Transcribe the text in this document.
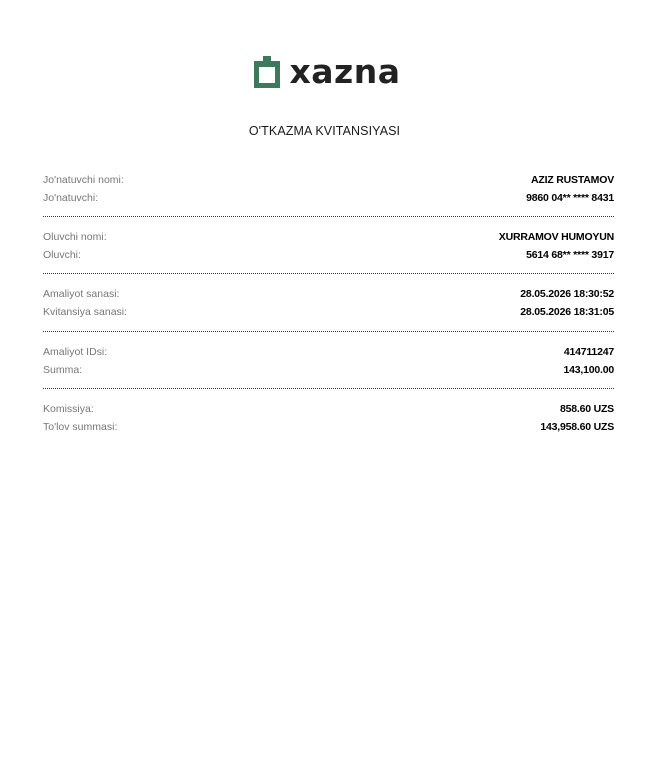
xazna
O'TKAZMA KVITANSIYASI
Jo'natuvchi nomi:	AZIZ RUSTAMOV
Jo'natuvchi:	9860 04** **** 8431
Oluvchi nomi:	XURRAMOV HUMOYUN
Oluvchi:	5614 68** **** 3917
Amaliyot sanasi:	28.05.2026 18:30:52
Kvitansiya sanasi:	28.05.2026 18:31:05
Amaliyot IDsi:	414711247
Summa:	143,100.00
Komissiya:	858.60 UZS
To'lov summasi:	143,958.60 UZS
